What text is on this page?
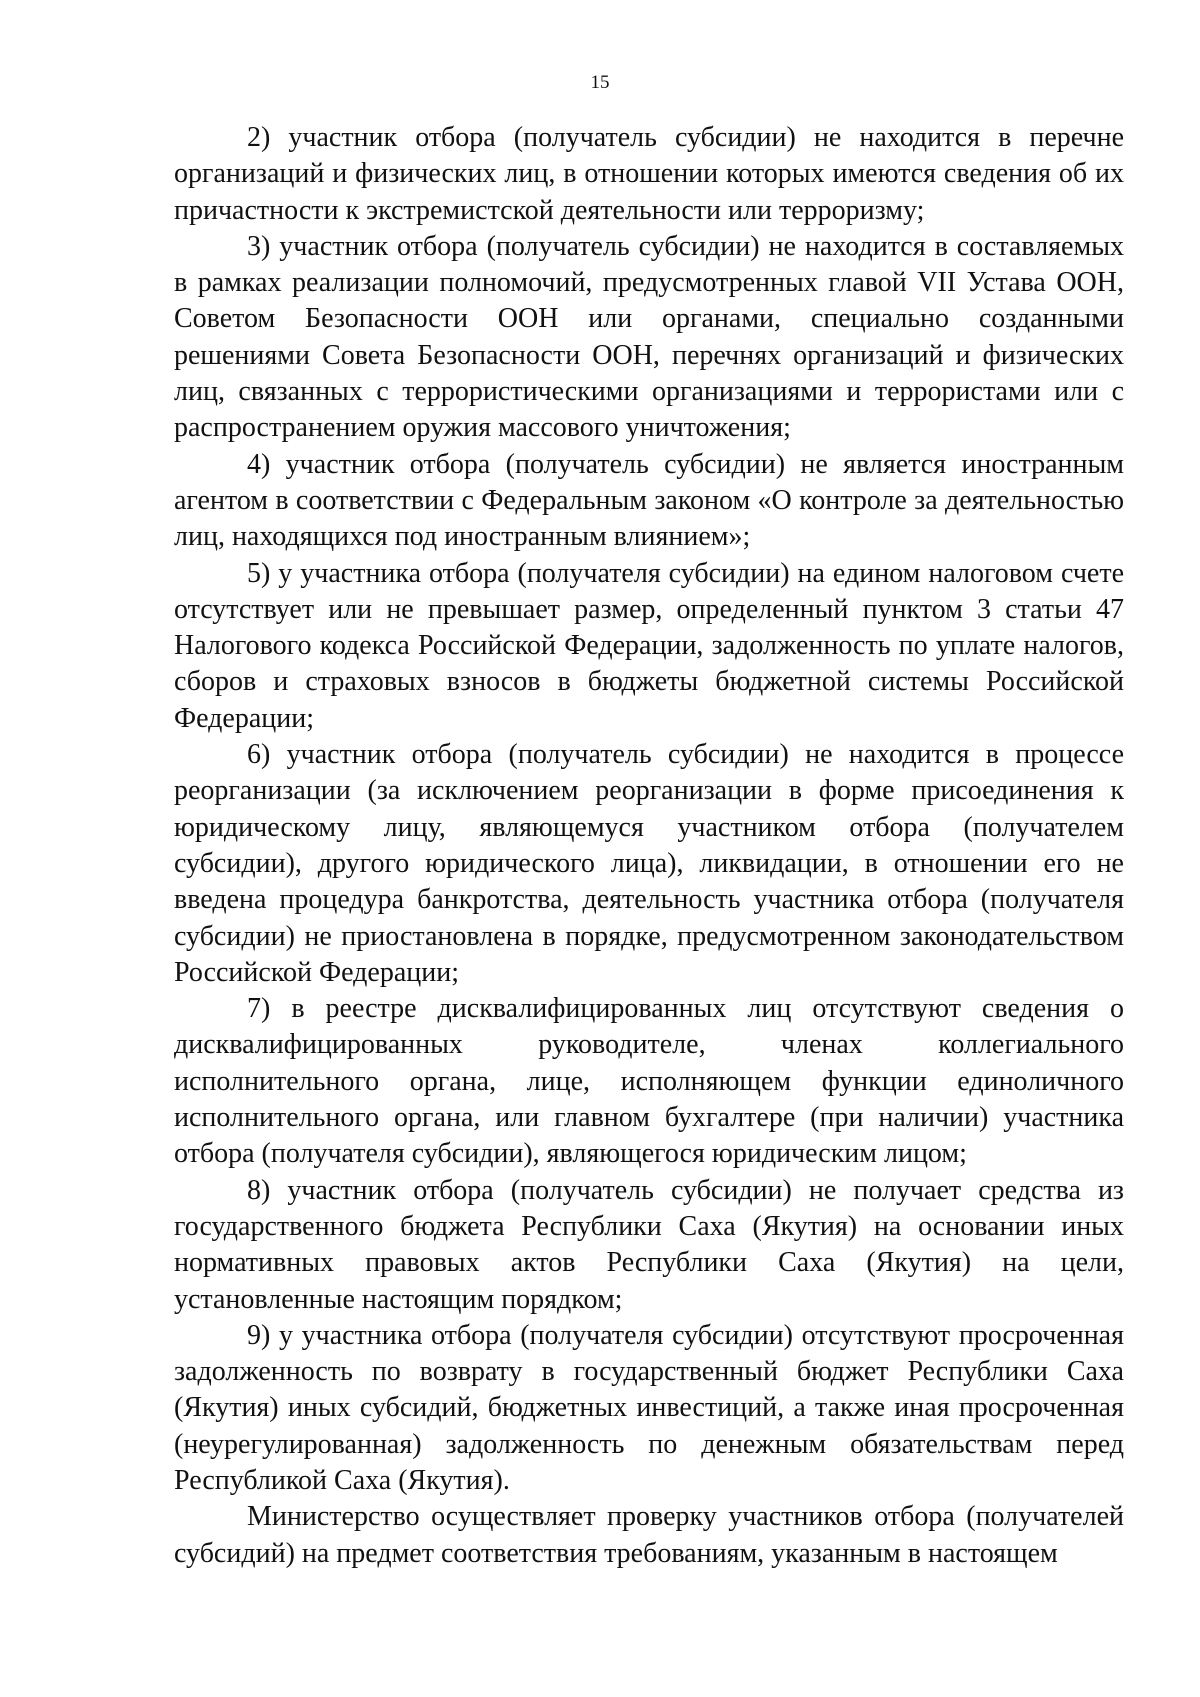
15

2) участник отбора (получатель субсидии) не находится в перечне организаций и физических лиц, в отношении которых имеются сведения об их причастности к экстремистской деятельности или терроризму;

3) участник отбора (получатель субсидии) не находится в составляемых в рамках реализации полномочий, предусмотренных главой VII Устава ООН, Советом Безопасности ООН или органами, специально созданными решениями Совета Безопасности ООН, перечнях организаций и физических лиц, связанных с террористическими организациями и террористами или с распространением оружия массового уничтожения;

4) участник отбора (получатель субсидии) не является иностранным агентом в соответствии с Федеральным законом «О контроле за деятельностью лиц, находящихся под иностранным влиянием»;

5) у участника отбора (получателя субсидии) на едином налоговом счете отсутствует или не превышает размер, определенный пунктом 3 статьи 47 Налогового кодекса Российской Федерации, задолженность по уплате налогов, сборов и страховых взносов в бюджеты бюджетной системы Российской Федерации;

6) участник отбора (получатель субсидии) не находится в процессе реорганизации (за исключением реорганизации в форме присоединения к юридическому лицу, являющемуся участником отбора (получателем субсидии), другого юридического лица), ликвидации, в отношении его не введена процедура банкротства, деятельность участника отбора (получателя субсидии) не приостановлена в порядке, предусмотренном законодательством Российской Федерации;

7) в реестре дисквалифицированных лиц отсутствуют сведения о дисквалифицированных руководителе, членах коллегиального исполнительного органа, лице, исполняющем функции единоличного исполнительного органа, или главном бухгалтере (при наличии) участника отбора (получателя субсидии), являющегося юридическим лицом;

8) участник отбора (получатель субсидии) не получает средства из государственного бюджета Республики Саха (Якутия) на основании иных нормативных правовых актов Республики Саха (Якутия) на цели, установленные настоящим порядком;

9) у участника отбора (получателя субсидии) отсутствуют просроченная задолженность по возврату в государственный бюджет Республики Саха (Якутия) иных субсидий, бюджетных инвестиций, а также иная просроченная (неурегулированная) задолженность по денежным обязательствам перед Республикой Саха (Якутия).

Министерство осуществляет проверку участников отбора (получателей субсидий) на предмет соответствия требованиям, указанным в настоящем
